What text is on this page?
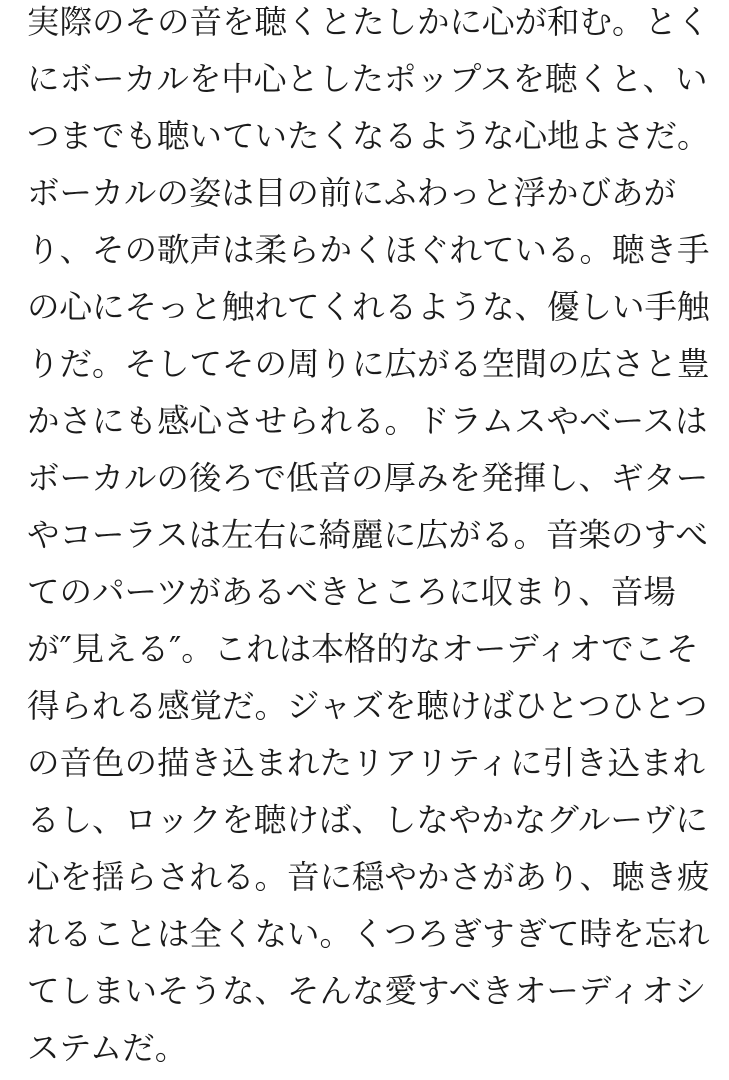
実際のその音を聴くとたしかに心が和む。とく
にボーカルを中心としたポップスを聴くと、い
つまでも聴いていたくなるような心地よさだ。
ボーカルの姿は目の前にふわっと浮かびあが
り、その歌声は柔らかくほぐれている。聴き手
の心にそっと触れてくれるような、優しい手触
りだ。そしてその周りに広がる空間の広さと豊
かさにも感心させられる。ドラムスやベースは
ボーカルの後ろで低音の厚みを発揮し、ギター
やコーラスは左右に綺麗に広がる。音楽のすべ
てのパーツがあるべきところに収まり、音場
が″見える″。これは本格的なオーディオでこそ
得られる感覚だ。ジャズを聴けばひとつひとつ
の音色の描き込まれたリアリティに引き込まれ
るし、ロックを聴けば、しなやかなグルーヴに
心を揺らされる。音に穏やかさがあり、聴き疲
れることは全くない。くつろぎすぎて時を忘れ
てしまいそうな、そんな愛すべきオーディオシ
ステムだ。
